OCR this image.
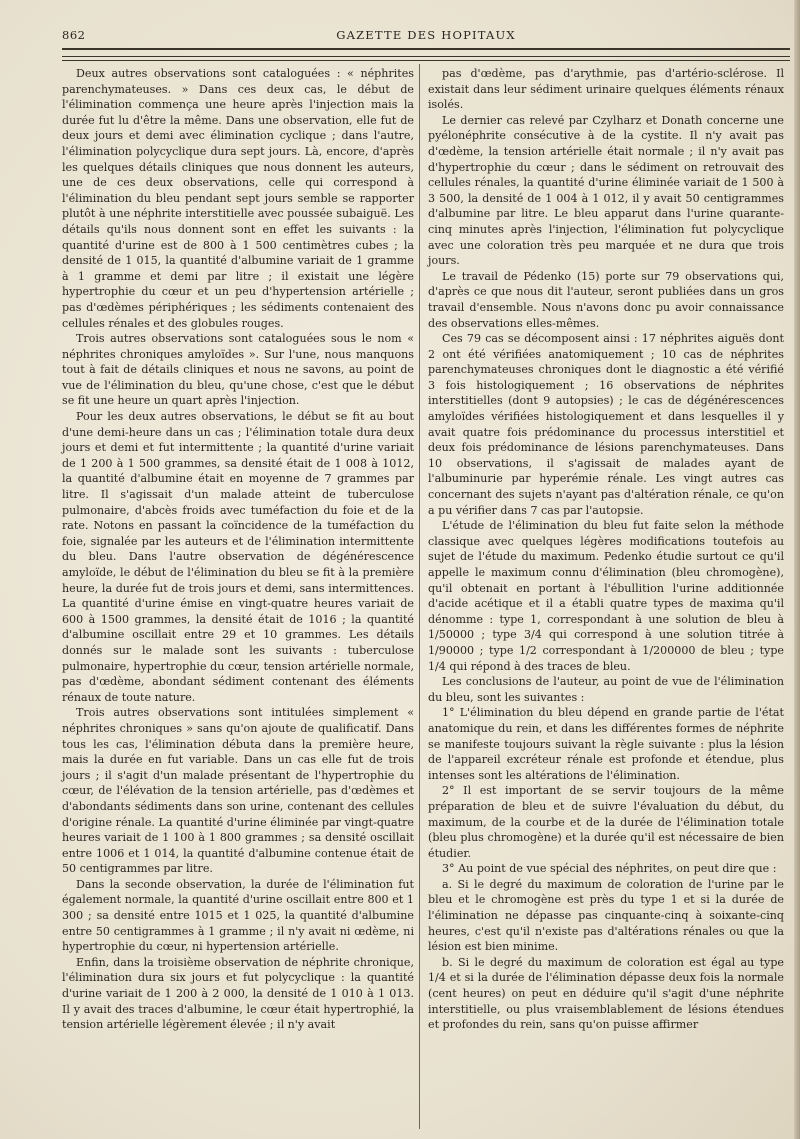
862	GAZETTE DES HOPITAUX

Deux autres observations sont cataloguées : « néphrites parenchymateuses. » Dans ces deux cas, le début de l'élimination commença une heure après l'injection mais la durée fut lu d'être la même. Dans une observation, elle fut de deux jours et demi avec élimination cyclique ; dans l'autre, l'élimination polycyclique dura sept jours. Là, encore, d'après les quelques détails cliniques que nous donnent les auteurs, une de ces deux observations, celle qui correspond à l'élimination du bleu pendant sept jours semble se rapporter plutôt à une néphrite interstitielle avec poussée subaiguë. Les détails qu'ils nous donnent sont en effet les suivants : la quantité d'urine est de 800 à 1 500 centimètres cubes ; la densité de 1 015, la quantité d'albumine variait de 1 gramme à 1 gramme et demi par litre ; il existait une légère hypertrophie du cœur et un peu d'hypertension artérielle ; pas d'œdèmes périphériques ; les sédiments contenaient des cellules rénales et des globules rouges.

Trois autres observations sont cataloguées sous le nom « néphrites chroniques amyloïdes ». Sur l'une, nous manquons tout à fait de détails cliniques et nous ne savons, au point de vue de l'élimination du bleu, qu'une chose, c'est que le début se fit une heure un quart après l'injection.

Pour les deux autres observations, le début se fit au bout d'une demi-heure dans un cas ; l'élimination totale dura deux jours et demi et fut intermittente ; la quantité d'urine variait de 1 200 à 1 500 grammes, sa densité était de 1 008 à 1012, la quantité d'albumine était en moyenne de 7 grammes par litre. Il s'agissait d'un malade atteint de tuberculose pulmonaire, d'abcès froids avec tuméfaction du foie et de la rate. Notons en passant la coïncidence de la tuméfaction du foie, signalée par les auteurs et de l'élimination intermittente du bleu. Dans l'autre observation de dégénérescence amyloïde, le début de l'élimination du bleu se fit à la première heure, la durée fut de trois jours et demi, sans intermittences. La quantité d'urine émise en vingt-quatre heures variait de 600 à 1500 grammes, la densité était de 1016 ; la quantité d'albumine oscillait entre 29 et 10 grammes. Les détails donnés sur le malade sont les suivants : tuberculose pulmonaire, hypertrophie du cœur, tension artérielle normale, pas d'œdème, abondant sédiment contenant des éléments rénaux de toute nature.

Trois autres observations sont intitulées simplement « néphrites chroniques » sans qu'on ajoute de qualificatif. Dans tous les cas, l'élimination débuta dans la première heure, mais la durée en fut variable. Dans un cas elle fut de trois jours ; il s'agit d'un malade présentant de l'hypertrophie du cœur, de l'élévation de la tension artérielle, pas d'œdèmes et d'abondants sédiments dans son urine, contenant des cellules d'origine rénale. La quantité d'urine éliminée par vingt-quatre heures variait de 1 100 à 1 800 grammes ; sa densité oscillait entre 1006 et 1 014, la quantité d'albumine contenue était de 50 centigrammes par litre.

Dans la seconde observation, la durée de l'élimination fut également normale, la quantité d'urine oscillait entre 800 et 1 300 ; sa densité entre 1015 et 1 025, la quantité d'albumine entre 50 centigrammes à 1 gramme ; il n'y avait ni œdème, ni hypertrophie du cœur, ni hypertension artérielle.

Enfin, dans la troisième observation de néphrite chronique, l'élimination dura six jours et fut polycyclique : la quantité d'urine variait de 1 200 à 2 000, la densité de 1 010 à 1 013. Il y avait des traces d'albumine, le cœur était hypertrophié, la tension artérielle légèrement élevée ; il n'y avait

pas d'œdème, pas d'arythmie, pas d'artério-sclérose. Il existait dans leur sédiment urinaire quelques éléments rénaux isolés.

Le dernier cas relevé par Czylharz et Donath concerne une pyélonéphrite consécutive à de la cystite. Il n'y avait pas d'œdème, la tension artérielle était normale ; il n'y avait pas d'hypertrophie du cœur ; dans le sédiment on retrouvait des cellules rénales, la quantité d'urine éliminée variait de 1 500 à 3 500, la densité de 1 004 à 1 012, il y avait 50 centigrammes d'albumine par litre. Le bleu apparut dans l'urine quarante-cinq minutes après l'injection, l'élimination fut polycyclique avec une coloration très peu marquée et ne dura que trois jours.

Le travail de Pédenko (15) porte sur 79 observations qui, d'après ce que nous dit l'auteur, seront publiées dans un gros travail d'ensemble. Nous n'avons donc pu avoir connaissance des observations elles-mêmes.

Ces 79 cas se décomposent ainsi : 17 néphrites aiguës dont 2 ont été vérifiées anatomiquement ; 10 cas de néphrites parenchymateuses chroniques dont le diagnostic a été vérifié 3 fois histologiquement ; 16 observations de néphrites interstitielles (dont 9 autopsies) ; le cas de dégénérescences amyloïdes vérifiées histologiquement et dans lesquelles il y avait quatre fois prédominance du processus interstitiel et deux fois prédominance de lésions parenchymateuses. Dans 10 observations, il s'agissait de malades ayant de l'albuminurie par hyperémie rénale. Les vingt autres cas concernant des sujets n'ayant pas d'altération rénale, ce qu'on a pu vérifier dans 7 cas par l'autopsie.

L'étude de l'élimination du bleu fut faite selon la méthode classique avec quelques légères modifications toutefois au sujet de l'étude du maximum. Pedenko étudie surtout ce qu'il appelle le maximum connu d'élimination (bleu chromogène), qu'il obtenait en portant à l'ébullition l'urine additionnée d'acide acétique et il a établi quatre types de maxima qu'il dénomme : type 1, correspondant à une solution de bleu à 1/50000 ; type 3/4 qui correspond à une solution titrée à 1/90000 ; type 1/2 correspondant à 1/200000 de bleu ; type 1/4 qui répond à des traces de bleu.

Les conclusions de l'auteur, au point de vue de l'élimination du bleu, sont les suivantes :

1° L'élimination du bleu dépend en grande partie de l'état anatomique du rein, et dans les différentes formes de néphrite se manifeste toujours suivant la règle suivante : plus la lésion de l'appareil excréteur rénale est profonde et étendue, plus intenses sont les altérations de l'élimination.

2° Il est important de se servir toujours de la même préparation de bleu et de suivre l'évaluation du début, du maximum, de la courbe et de la durée de l'élimination totale (bleu plus chromogène) et la durée qu'il est nécessaire de bien étudier.

3° Au point de vue spécial des néphrites, on peut dire que :

a. Si le degré du maximum de coloration de l'urine par le bleu et le chromogène est près du type 1 et si la durée de l'élimination ne dépasse pas cinquante-cinq à soixante-cinq heures, c'est qu'il n'existe pas d'altérations rénales ou que la lésion est bien minime.

b. Si le degré du maximum de coloration est égal au type 1/4 et si la durée de l'élimination dépasse deux fois la normale (cent heures) on peut en déduire qu'il s'agit d'une néphrite interstitielle, ou plus vraisemblablement de lésions étendues et profondes du rein, sans qu'on puisse affirmer
